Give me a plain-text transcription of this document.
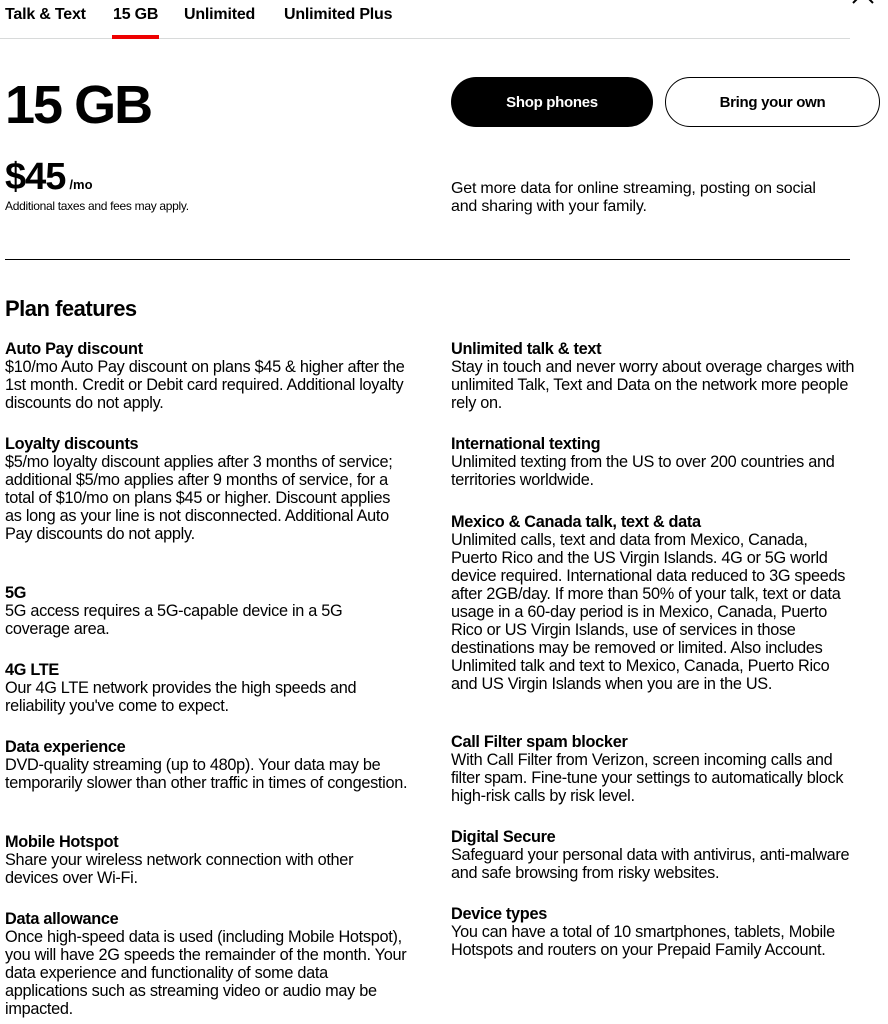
Talk & Text 15 GB Unlimited Unlimited Plus
15 GB	Shop phones	Bring your own
$45 /mo
Additional taxes and fees may apply.
Get more data for online streaming, posting on social and sharing with your family.
Plan features
Auto Pay discount
$10/mo Auto Pay discount on plans $45 & higher after the 1st month. Credit or Debit card required. Additional loyalty discounts do not apply.
Loyalty discounts
$5/mo loyalty discount applies after 3 months of service; additional $5/mo applies after 9 months of service, for a total of $10/mo on plans $45 or higher. Discount applies as long as your line is not disconnected. Additional Auto Pay discounts do not apply.
5G
5G access requires a 5G-capable device in a 5G coverage area.
4G LTE
Our 4G LTE network provides the high speeds and reliability you've come to expect.
Data experience
DVD-quality streaming (up to 480p). Your data may be temporarily slower than other traffic in times of congestion.
Mobile Hotspot
Share your wireless network connection with other devices over Wi-Fi.
Data allowance
Once high-speed data is used (including Mobile Hotspot), you will have 2G speeds the remainder of the month. Your data experience and functionality of some data applications such as streaming video or audio may be impacted.
Unlimited talk & text
Stay in touch and never worry about overage charges with unlimited Talk, Text and Data on the network more people rely on.
International texting
Unlimited texting from the US to over 200 countries and territories worldwide.
Mexico & Canada talk, text & data
Unlimited calls, text and data from Mexico, Canada, Puerto Rico and the US Virgin Islands. 4G or 5G world device required. International data reduced to 3G speeds after 2GB/day. If more than 50% of your talk, text or data usage in a 60-day period is in Mexico, Canada, Puerto Rico or US Virgin Islands, use of services in those destinations may be removed or limited. Also includes Unlimited talk and text to Mexico, Canada, Puerto Rico and US Virgin Islands when you are in the US.
Call Filter spam blocker
With Call Filter from Verizon, screen incoming calls and filter spam. Fine-tune your settings to automatically block high-risk calls by risk level.
Digital Secure
Safeguard your personal data with antivirus, anti-malware and safe browsing from risky websites.
Device types
You can have a total of 10 smartphones, tablets, Mobile Hotspots and routers on your Prepaid Family Account.
